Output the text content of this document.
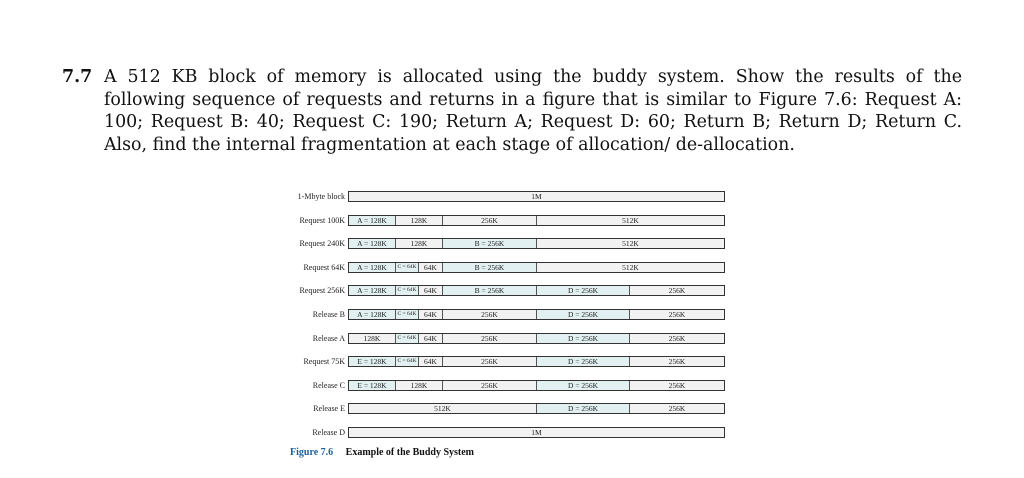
7.7 A 512 KB block of memory is allocated using the buddy system. Show the results of the following sequence of requests and returns in a figure that is similar to Figure 7.6: Request A: 100; Request B: 40; Request C: 190; Return A; Request D: 60; Return B; Return D; Return C. Also, find the internal fragmentation at each stage of allocation/ de-allocation.
1-Mbyte block	1M
Request 100K	A = 128K	128K	256K	512K
Request 240K	A = 128K	128K	B = 256K	512K
Request 64K	A = 128K	C = 64K	64K	B = 256K	512K
Request 256K	A = 128K	C = 64K	64K	B = 256K	D = 256K	256K
Release B	A = 128K	C = 64K	64K	256K	D = 256K	256K
Release A	128K	C = 64K	64K	256K	D = 256K	256K
Request 75K	E = 128K	C = 64K	64K	256K	D = 256K	256K
Release C	E = 128K	128K	256K	D = 256K	256K
Release E	512K	D = 256K	256K
Release D	1M
Figure 7.6 Example of the Buddy System
